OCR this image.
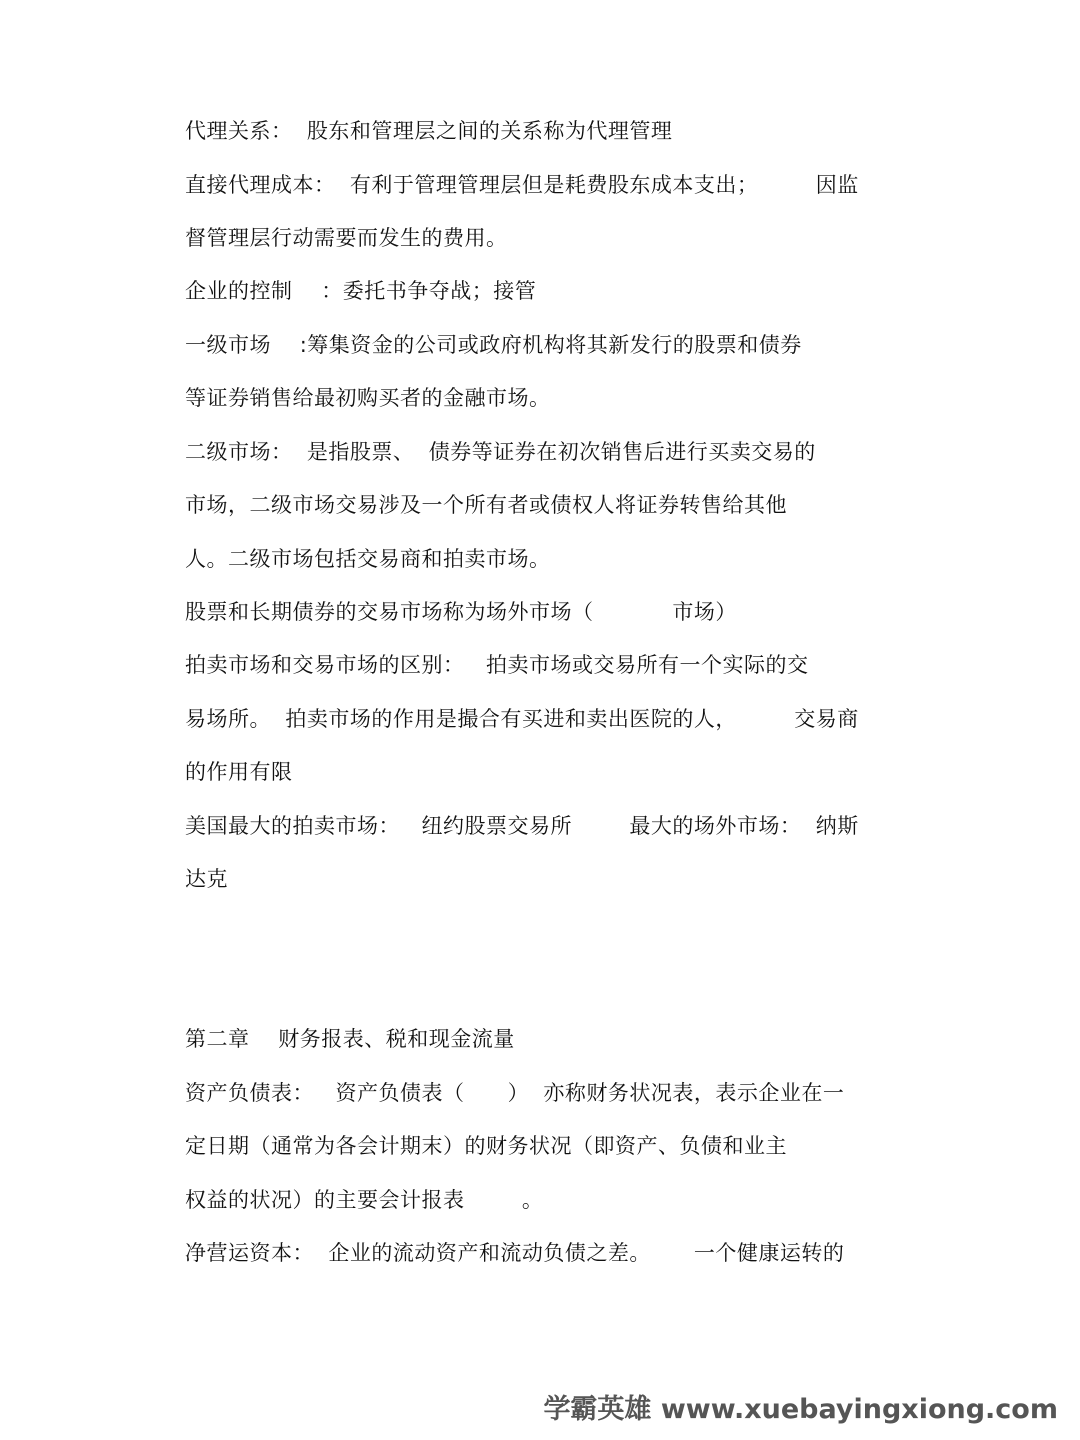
代理关系：  股东和管理层之间的关系称为代理管理
直接代理成本：  有利于管理管理层但是耗费股东成本支出；        因监
督管理层行动需要而发生的费用。
企业的控制    ：委托书争夺战；接管
一级市场    :筹集资金的公司或政府机构将其新发行的股票和债券
等证券销售给最初购买者的金融市场。
二级市场：  是指股票、  债券等证券在初次销售后进行买卖交易的
市场，二级市场交易涉及一个所有者或债权人将证券转售给其他
人。二级市场包括交易商和拍卖市场。
股票和长期债券的交易市场称为场外市场（           市场）
拍卖市场和交易市场的区别：   拍卖市场或交易所有一个实际的交
易场所。  拍卖市场的作用是撮合有买进和卖出医院的人，        交易商
的作用有限
美国最大的拍卖市场：   纽约股票交易所        最大的场外市场：  纳斯
达克
第二章    财务报表、税和现金流量
资产负债表：   资产负债表（      ）  亦称财务状况表，表示企业在一
定日期（通常为各会计期末）的财务状况（即资产、负债和业主
权益的状况）的主要会计报表        。
净营运资本：  企业的流动资产和流动负债之差。      一个健康运转的
学霸英雄 www.xuebayingxiong.com
